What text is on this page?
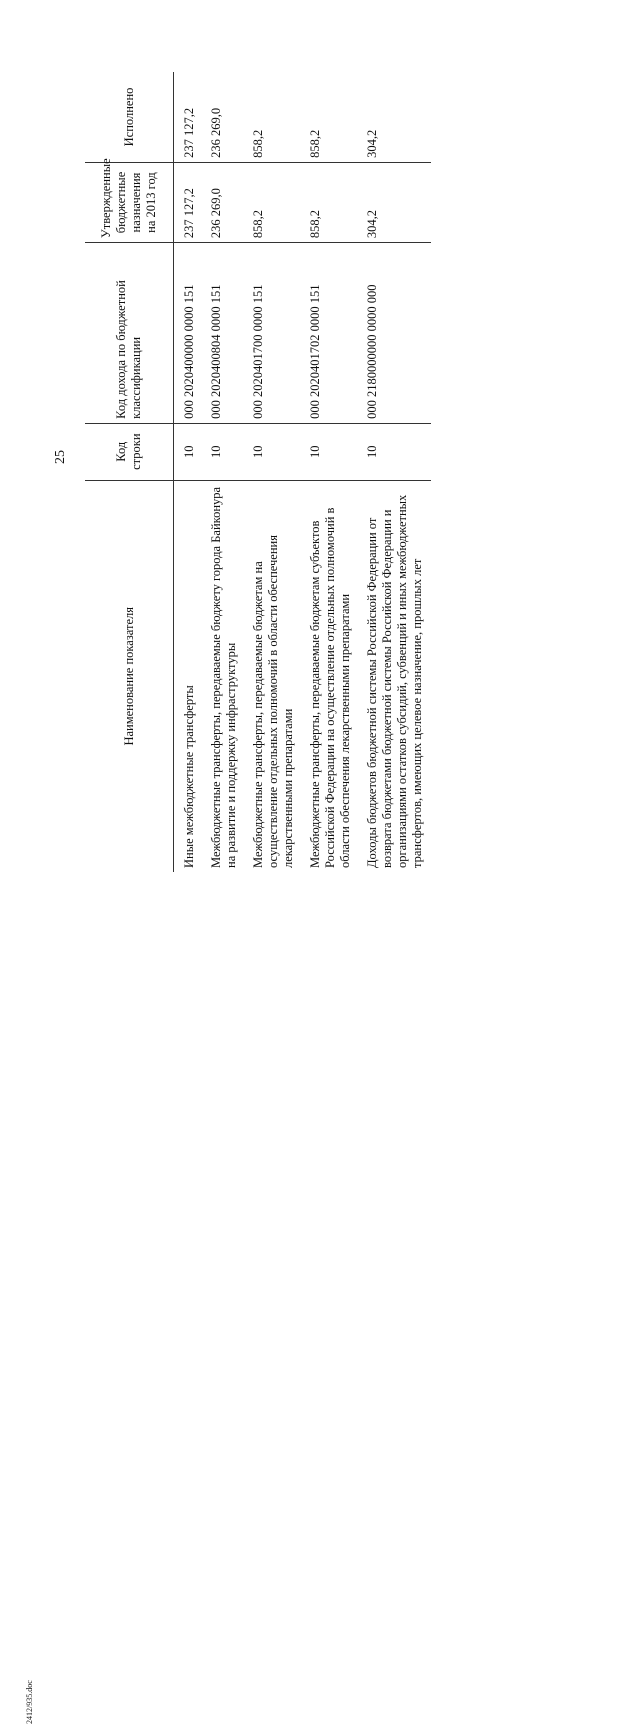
25
2412/935.doc
Наименование показателя	Код строки	Код дохода по бюджетной классификации	Утвержденные бюджетные назначения на 2013 год	Исполнено
Иные межбюджетные трансферты	10	000 2020400000 0000 151	237 127,2	237 127,2
Межбюджетные трансферты, передаваемые бюджету города Байконура на развитие и поддержку инфраструктуры	10	000 2020400804 0000 151	236 269,0	236 269,0
Межбюджетные трансферты, передаваемые бюджетам на осуществление отдельных полномочий в области обеспечения лекарственными препаратами	10	000 2020401700 0000 151	858,2	858,2
Межбюджетные трансферты, передаваемые бюджетам субъектов Российской Федерации на осуществление отдельных полномочий в области обеспечения лекарственными препаратами	10	000 2020401702 0000 151	858,2	858,2
Доходы бюджетов бюджетной системы Российской Федерации от возврата бюджетами бюджетной системы Российской Федерации и организациями остатков субсидий, субвенций и иных межбюджетных трансфертов, имеющих целевое назначение, прошлых лет	10	000 2180000000 0000 000	304,2	304,2
